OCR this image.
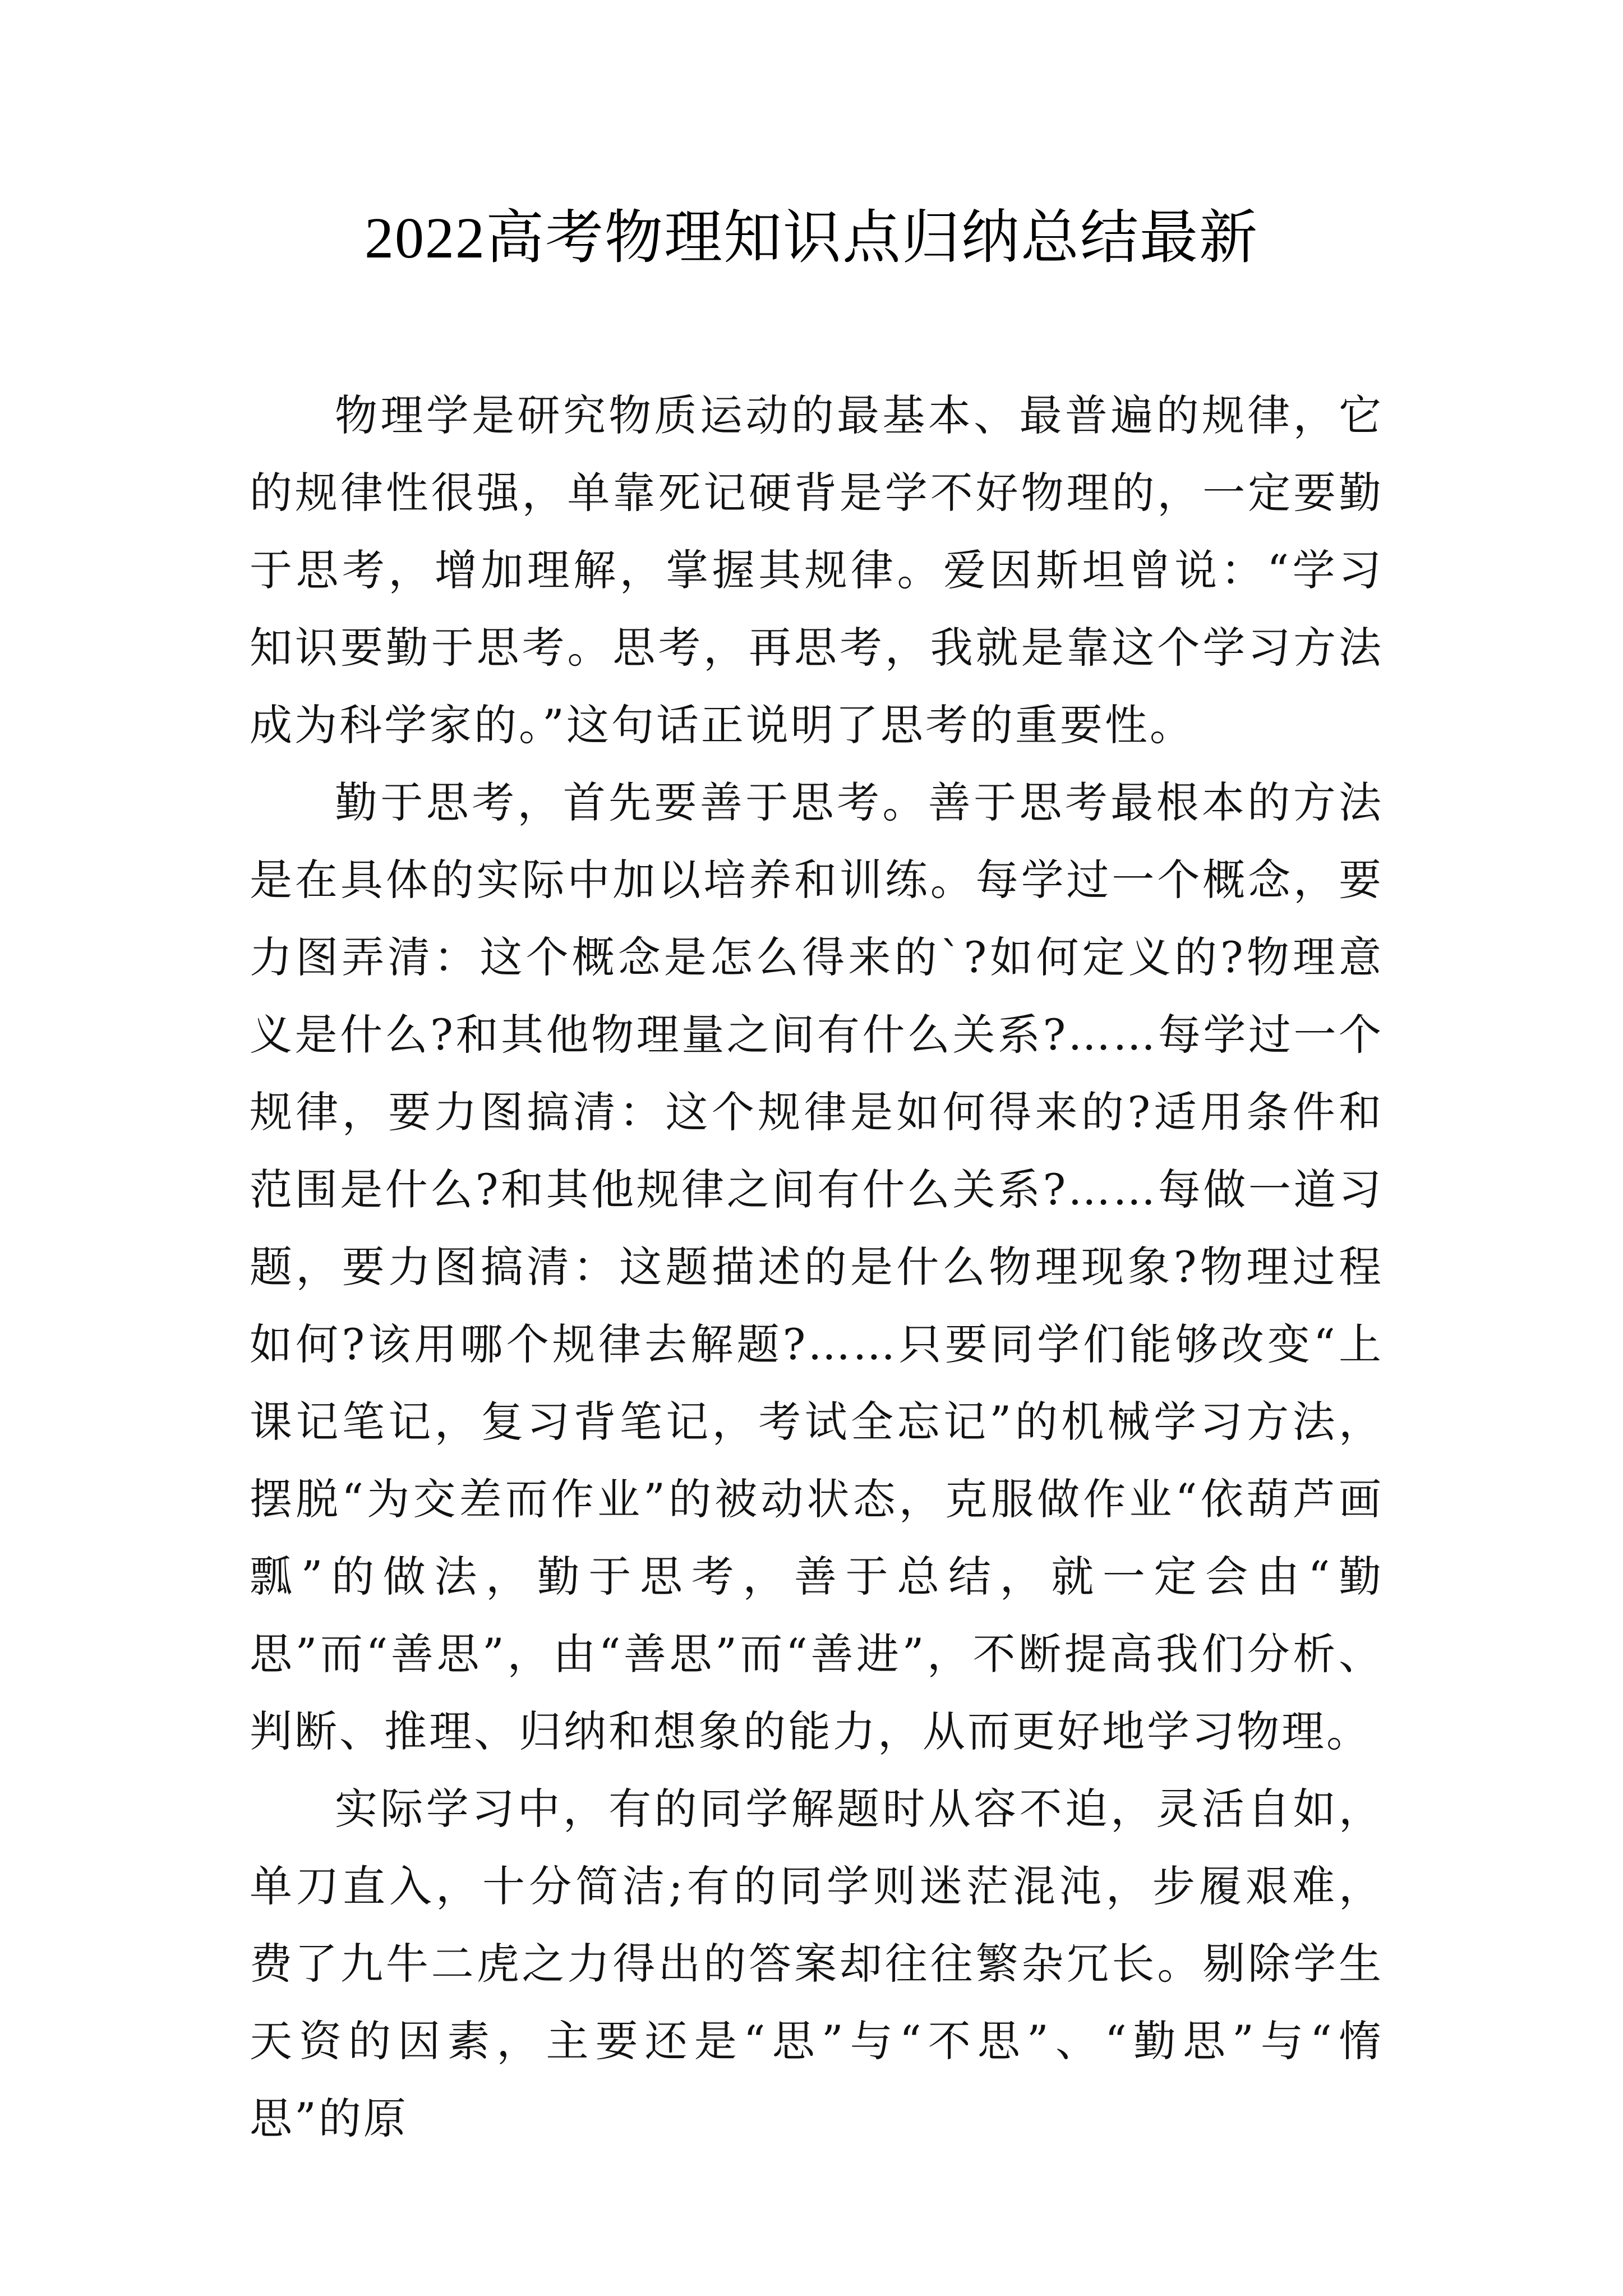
2022高考物理知识点归纳总结最新

物理学是研究物质运动的最基本、最普遍的规律，它的规律性很强，单靠死记硬背是学不好物理的，一定要勤于思考，增加理解，掌握其规律。爱因斯坦曾说：“学习知识要勤于思考。思考，再思考，我就是靠这个学习方法成为科学家的。”这句话正说明了思考的重要性。

勤于思考，首先要善于思考。善于思考最根本的方法是在具体的实际中加以培养和训练。每学过一个概念，要力图弄清：这个概念是怎么得来的`?如何定义的?物理意义是什么?和其他物理量之间有什么关系?……每学过一个规律，要力图搞清：这个规律是如何得来的?适用条件和范围是什么?和其他规律之间有什么关系?……每做一道习题，要力图搞清：这题描述的是什么物理现象?物理过程如何?该用哪个规律去解题?……只要同学们能够改变“上课记笔记，复习背笔记，考试全忘记”的机械学习方法，摆脱“为交差而作业”的被动状态，克服做作业“依葫芦画瓢”的做法，勤于思考，善于总结，就一定会由“勤思”而“善思”，由“善思”而“善进”，不断提高我们分析、判断、推理、归纳和想象的能力，从而更好地学习物理。

实际学习中，有的同学解题时从容不迫，灵活自如，单刀直入，十分简洁;有的同学则迷茫混沌，步履艰难，费了九牛二虎之力得出的答案却往往繁杂冗长。剔除学生天资的因素，主要还是“思”与“不思”、“勤思”与“惰思”的原
